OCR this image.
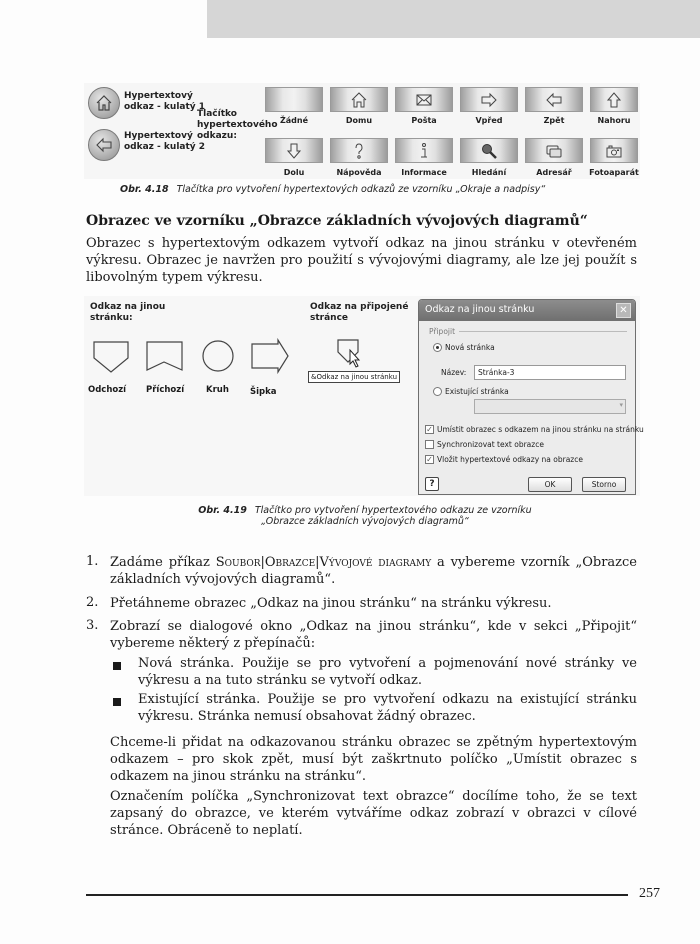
Hypertextový
odkaz - kulatý 1
Hypertextový
odkaz - kulatý 2
Tlačítko
hypertextového
odkazu:
Žádné	Domu	Pošta	Vpřed	Zpět	Nahoru
Dolu	Nápověda	Informace	Hledání	Adresář	Fotoaparát
Obr. 4.18 Tlačítka pro vytvoření hypertextových odkazů ze vzorníku „Okraje a nadpisy“
Obrazec ve vzorníku „Obrazce základních vývojových diagramů“
Obrazec s hypertextovým odkazem vytvoří odkaz na jinou stránku v otevřeném výkresu. Obrazec je navržen pro použití s vývojovými diagramy, ale lze jej použít s libovolným typem výkresu.
Odkaz na jinou
stránku:
Odchozí Příchozí	Kruh Šipka
Odkaz na připojené
stránce
&Odkaz na jinou stránku
Odkaz na jinou stránku	✕
Připojit
Nová stránka
Název:	Stránka-3
Existující stránka
▾
✓ Umístit obrazec s odkazem na jinou stránku na stránku
Synchronizovat text obrazce
✓ Vložit hypertextové odkazy na obrazce
?	OK	Storno
Obr. 4.19 Tlačítko pro vytvoření hypertextového odkazu ze vzorníku
„Obrazce základních vývojových diagramů“
1. Zadáme příkaz Soubor|Obrazce|Vývojové diagramy a vybereme vzorník „Obrazce základních vývojových diagramů“.
2. Přetáhneme obrazec „Odkaz na jinou stránku“ na stránku výkresu.
3. Zobrazí se dialogové okno „Odkaz na jinou stránku“, kde v sekci „Připojit“ vybereme některý z přepínačů:
Nová stránka. Použije se pro vytvoření a pojmenování nové stránky ve výkresu a na tuto stránku se vytvoří odkaz.
Existující stránka. Použije se pro vytvoření odkazu na existující stránku výkresu. Stránka nemusí obsahovat žádný obrazec.
Chceme-li přidat na odkazovanou stránku obrazec se zpětným hypertextovým odkazem – pro skok zpět, musí být zaškrtnuto políčko „Umístit obrazec s odkazem na jinou stránku na stránku“.
Označením políčka „Synchronizovat text obrazce“ docílíme toho, že se text zapsaný do obrazce, ve kterém vytváříme odkaz zobrazí v obrazci v cílové stránce. Obráceně to neplatí.
257
